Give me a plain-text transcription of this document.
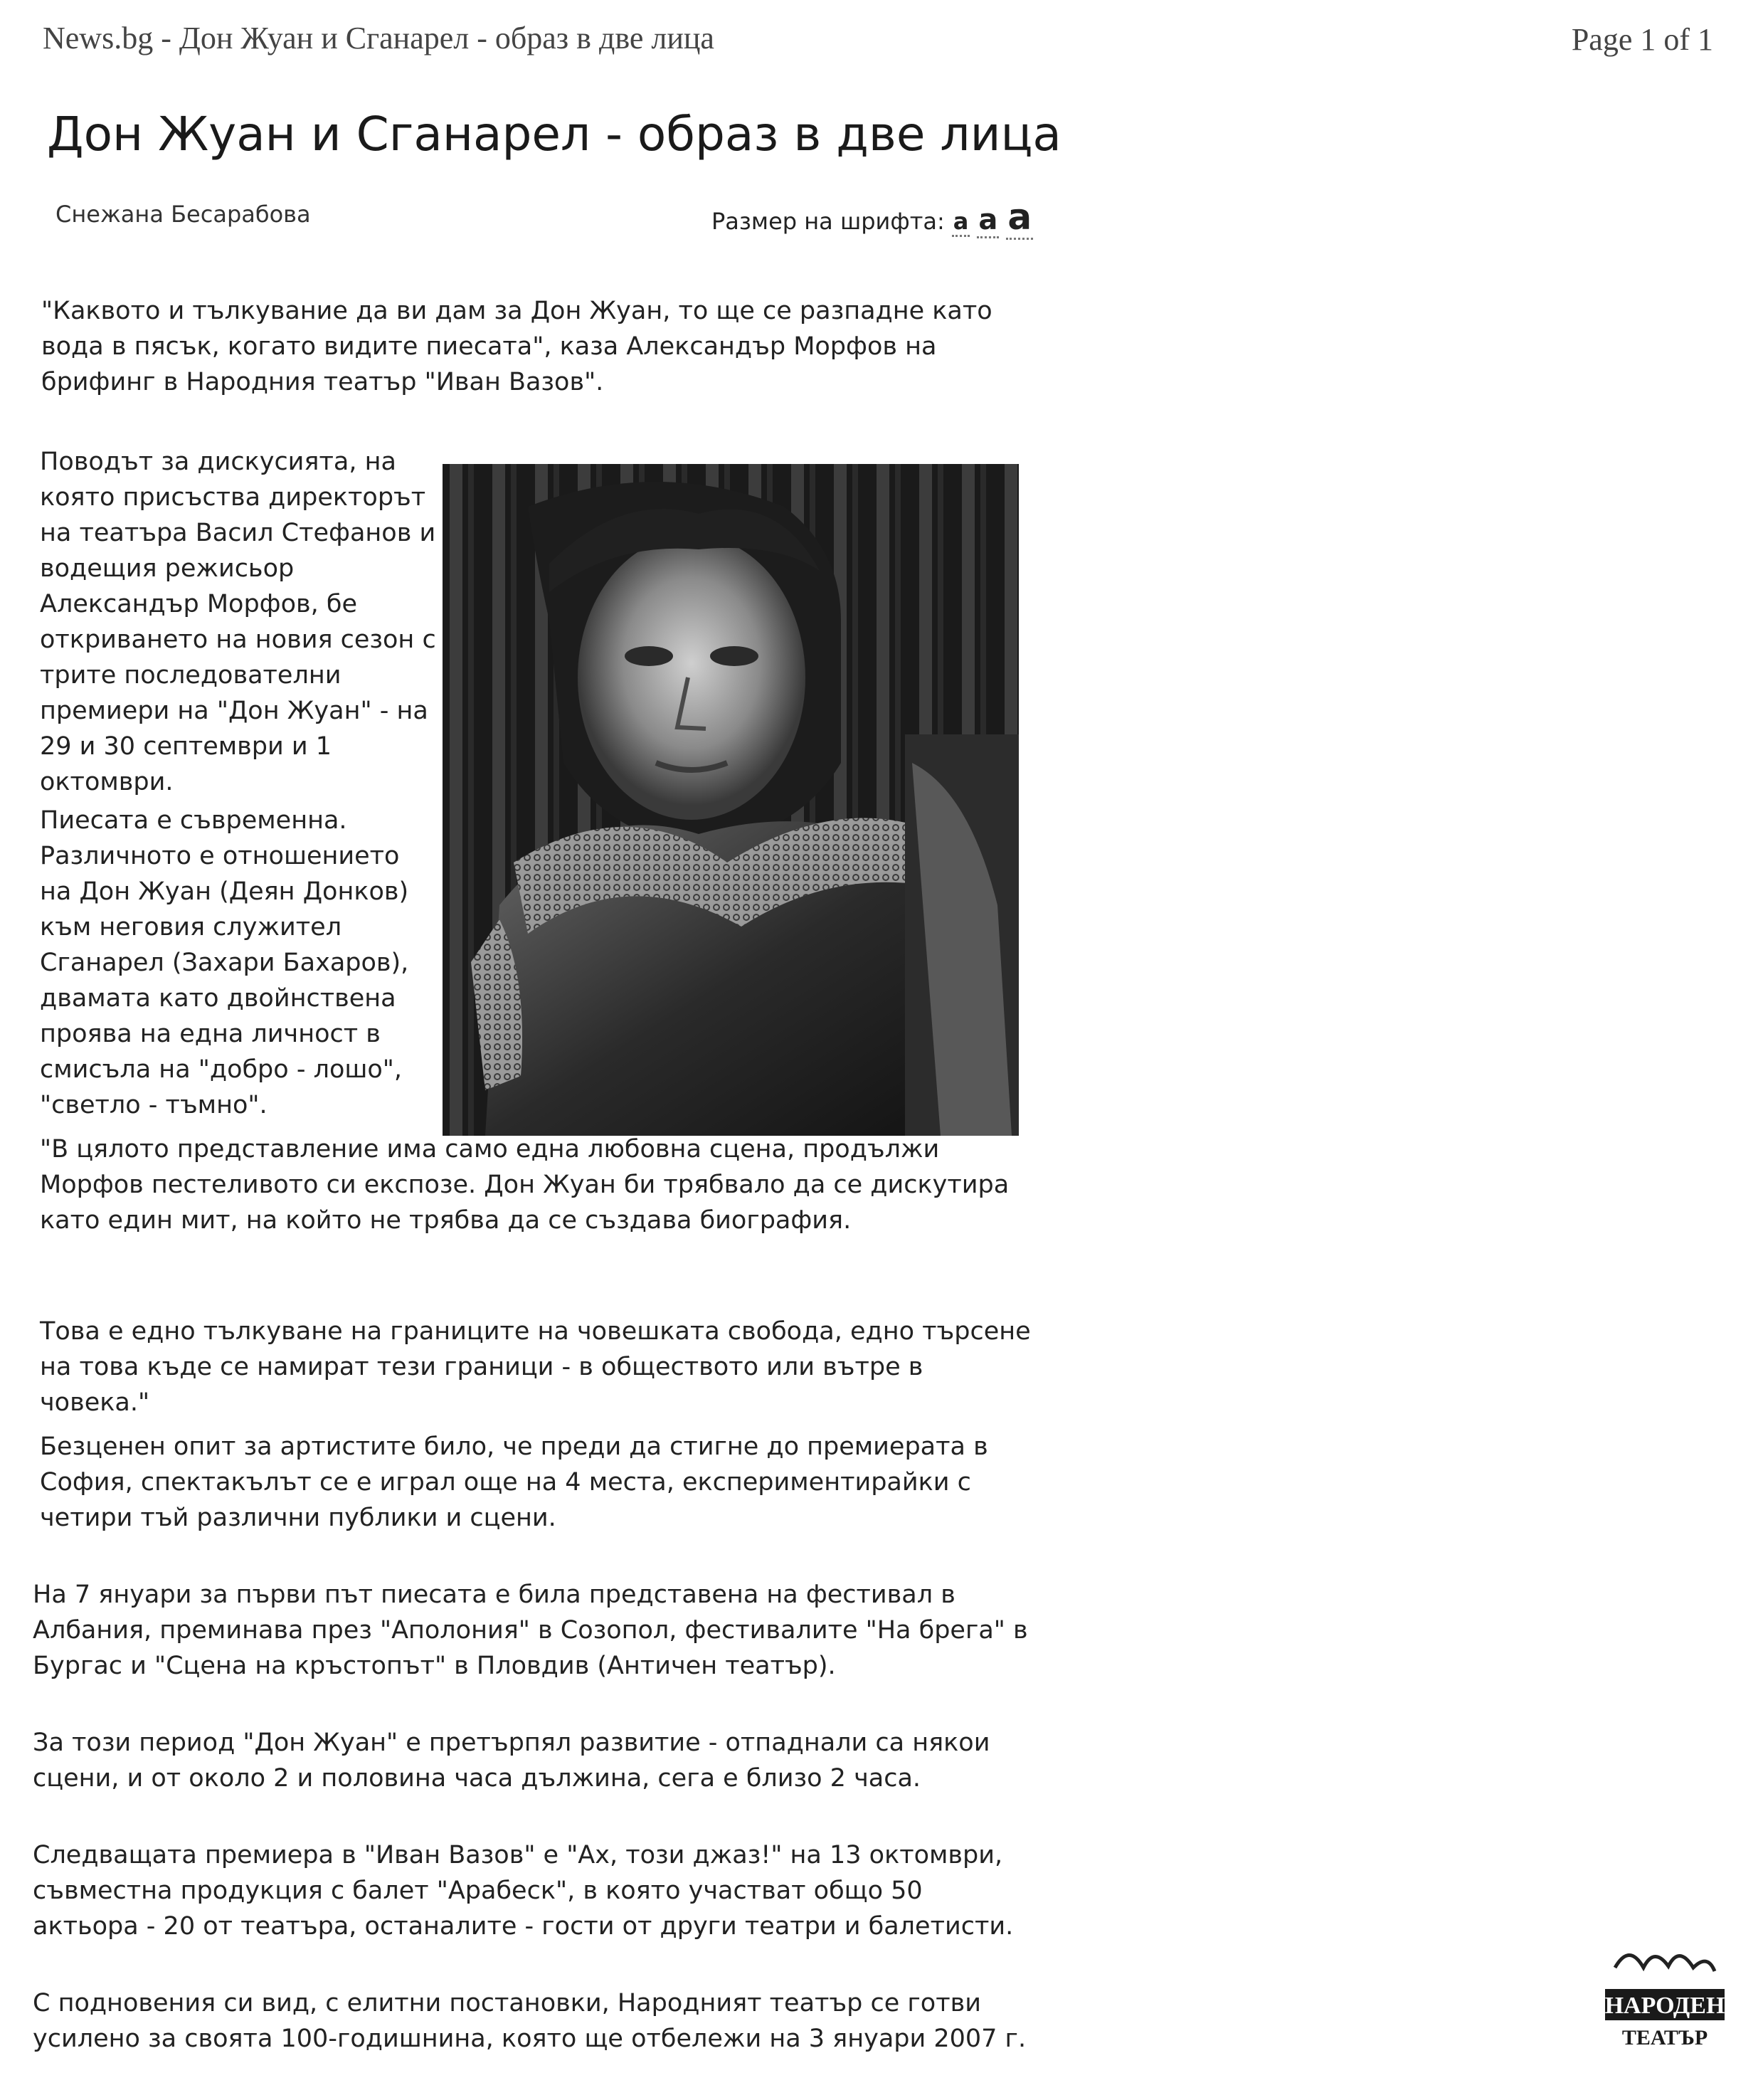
News.bg - Дон Жуан и Сганарел - образ в две лица	Page 1 of 1
Дон Жуан и Сганарел - образ в две лица
Снежана Бесарабова	Размер на шрифта: а а а

"Каквото и тълкувание да ви дам за Дон Жуан, то ще се разпадне като вода в пясък, когато видите пиесата", каза Александър Морфов на брифинг в Народния театър "Иван Вазов".

Поводът за дискусията, на която присъства директорът на театъра Васил Стефанов и водещия режисьор Александър Морфов, бе откриването на новия сезон с трите последователни премиери на "Дон Жуан" - на 29 и 30 септември и 1 октомври.

Пиесата е съвременна. Различното е отношението на Дон Жуан (Деян Донков) към неговия служител Сганарел (Захари Бахаров), двамата като двойнствена проява на една личност в смисъла на "добро - лошо", "светло - тъмно".

"В цялото представление има само една любовна сцена, продължи Морфов пестеливото си експозе. Дон Жуан би трябвало да се дискутира като един мит, на който не трябва да се създава биография.

Това е едно тълкуване на границите на човешката свобода, едно търсене на това къде се намират тези граници - в обществото или вътре в човека."

Безценен опит за артистите било, че преди да стигне до премиерата в София, спектакълът се е играл още на 4 места, експериментирайки с четири тъй различни публики и сцени.

На 7 януари за първи път пиесата е била представена на фестивал в Албания, преминава през "Аполония" в Созопол, фестивалите "На брега" в Бургас и "Сцена на кръстопът" в Пловдив (Античен театър).

За този период "Дон Жуан" е претърпял развитие - отпаднали са някои сцени, и от около 2 и половина часа дължина, сега е близо 2 часа.

Следващата премиера в "Иван Вазов" е "Ах, този джаз!" на 13 октомври, съвместна продукция с балет "Арабеск", в която участват общо 50 актьора - 20 от театъра, останалите - гости от други театри и балетисти.

С подновения си вид, с елитни постановки, Народният театър се готви усилено за своята 100-годишнина, която ще отбележи на 3 януари 2007 г.

НАРОДЕН
ТЕАТЪР
